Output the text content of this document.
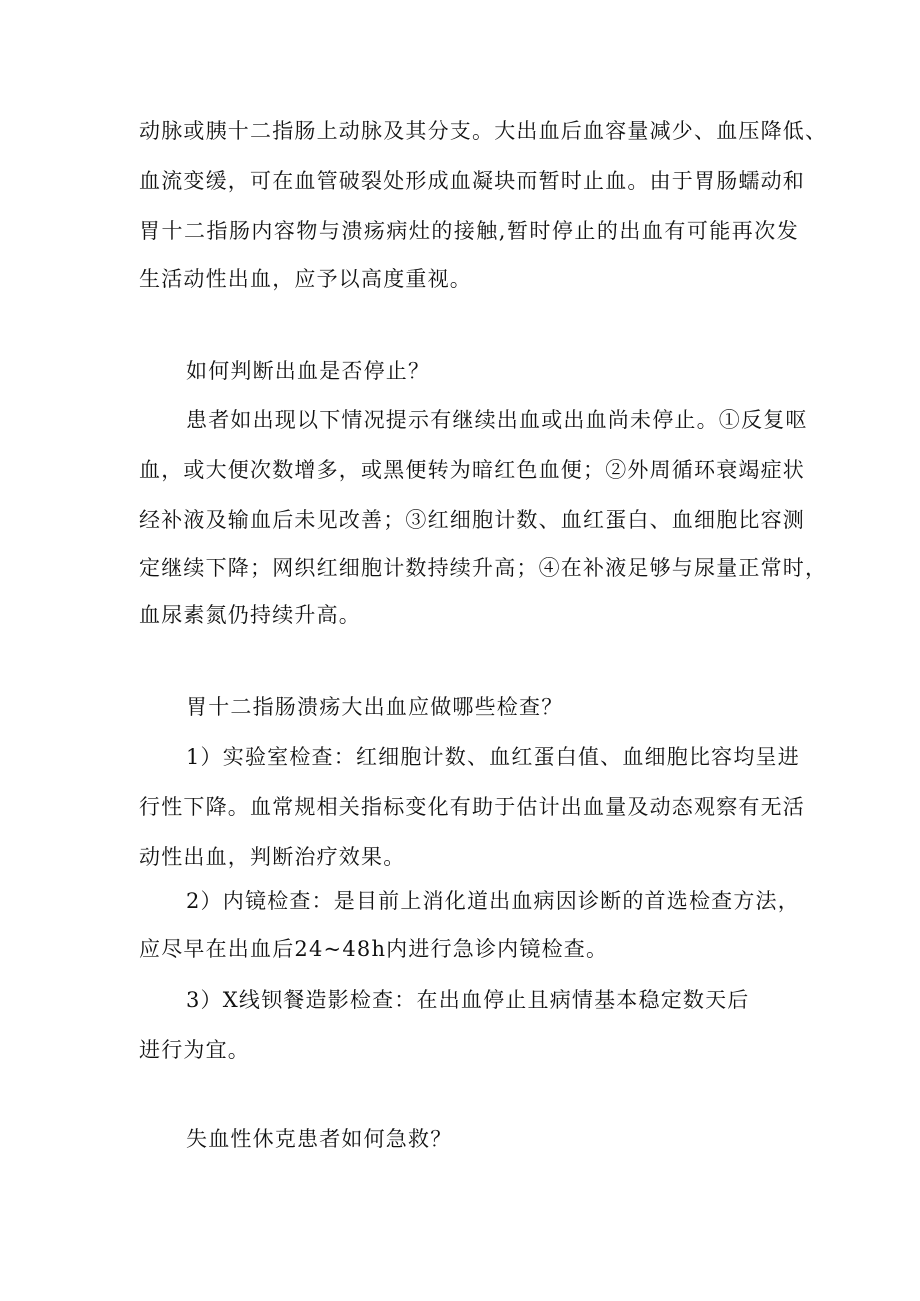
动脉或胰十二指肠上动脉及其分支。大出血后血容量减少、血压降低、
血流变缓，可在血管破裂处形成血凝块而暂时止血。由于胃肠蠕动和
胃十二指肠内容物与溃疡病灶的接触,暂时停止的出血有可能再次发
生活动性出血，应予以高度重视。
如何判断出血是否停止？
患者如出现以下情况提示有继续出血或出血尚未停止。①反复呕
血，或大便次数增多，或黑便转为暗红色血便；②外周循环衰竭症状
经补液及输血后未见改善；③红细胞计数、血红蛋白、血细胞比容测
定继续下降；网织红细胞计数持续升高；④在补液足够与尿量正常时，
血尿素氮仍持续升高。
胃十二指肠溃疡大出血应做哪些检查？
1）实验室检查：红细胞计数、血红蛋白值、血细胞比容均呈进
行性下降。血常规相关指标变化有助于估计出血量及动态观察有无活
动性出血，判断治疗效果。
2）内镜检查：是目前上消化道出血病因诊断的首选检查方法，
应尽早在出血后24~48h内进行急诊内镜检查。
3）X线钡餐造影检查：在出血停止且病情基本稳定数天后
进行为宜。
失血性休克患者如何急救？
